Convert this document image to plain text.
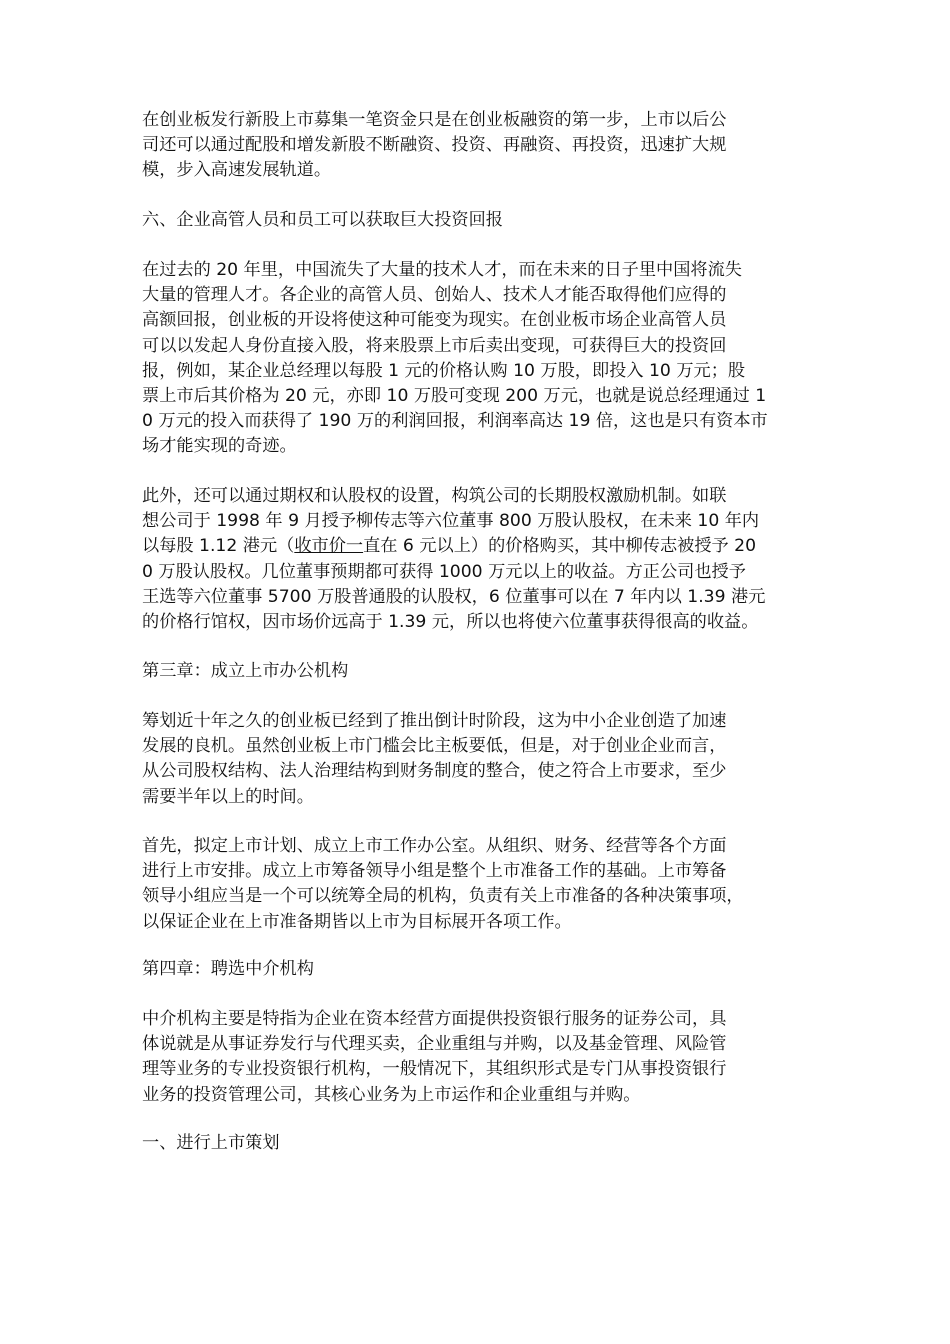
在创业板发行新股上市募集一笔资金只是在创业板融资的第一步，上市以后公
司还可以通过配股和增发新股不断融资、投资、再融资、再投资，迅速扩大规
模，步入高速发展轨道。
六、企业高管人员和员工可以获取巨大投资回报
在过去的 20 年里，中国流失了大量的技术人才，而在未来的日子里中国将流失
大量的管理人才。各企业的高管人员、创始人、技术人才能否取得他们应得的
高额回报，创业板的开设将使这种可能变为现实。在创业板市场企业高管人员
可以以发起人身份直接入股，将来股票上市后卖出变现，可获得巨大的投资回
报，例如，某企业总经理以每股 1 元的价格认购 10 万股，即投入 10 万元；股
票上市后其价格为 20 元，亦即 10 万股可变现 200 万元，也就是说总经理通过 1
0 万元的投入而获得了 190 万的利润回报，利润率高达 19 倍，这也是只有资本市
场才能实现的奇迹。
此外，还可以通过期权和认股权的设置，构筑公司的长期股权激励机制。如联
想公司于 1998 年 9 月授予柳传志等六位董事 800 万股认股权，在未来 10 年内
以每股 1.12 港元（收市价一直在 6 元以上）的价格购买，其中柳传志被授予 20
0 万股认股权。几位董事预期都可获得 1000 万元以上的收益。方正公司也授予
王选等六位董事 5700 万股普通股的认股权，6 位董事可以在 7 年内以 1.39 港元
的价格行馆权，因市场价远高于 1.39 元，所以也将使六位董事获得很高的收益。
第三章：成立上市办公机构
筹划近十年之久的创业板已经到了推出倒计时阶段，这为中小企业创造了加速
发展的良机。虽然创业板上市门槛会比主板要低，但是，对于创业企业而言，
从公司股权结构、法人治理结构到财务制度的整合，使之符合上市要求，至少
需要半年以上的时间。
首先，拟定上市计划、成立上市工作办公室。从组织、财务、经营等各个方面
进行上市安排。成立上市筹备领导小组是整个上市准备工作的基础。上市筹备
领导小组应当是一个可以统筹全局的机构，负责有关上市准备的各种决策事项，
以保证企业在上市准备期皆以上市为目标展开各项工作。
第四章：聘选中介机构
中介机构主要是特指为企业在资本经营方面提供投资银行服务的证券公司，具
体说就是从事证券发行与代理买卖，企业重组与并购，以及基金管理、风险管
理等业务的专业投资银行机构，一般情况下，其组织形式是专门从事投资银行
业务的投资管理公司，其核心业务为上市运作和企业重组与并购。
一、进行上市策划
